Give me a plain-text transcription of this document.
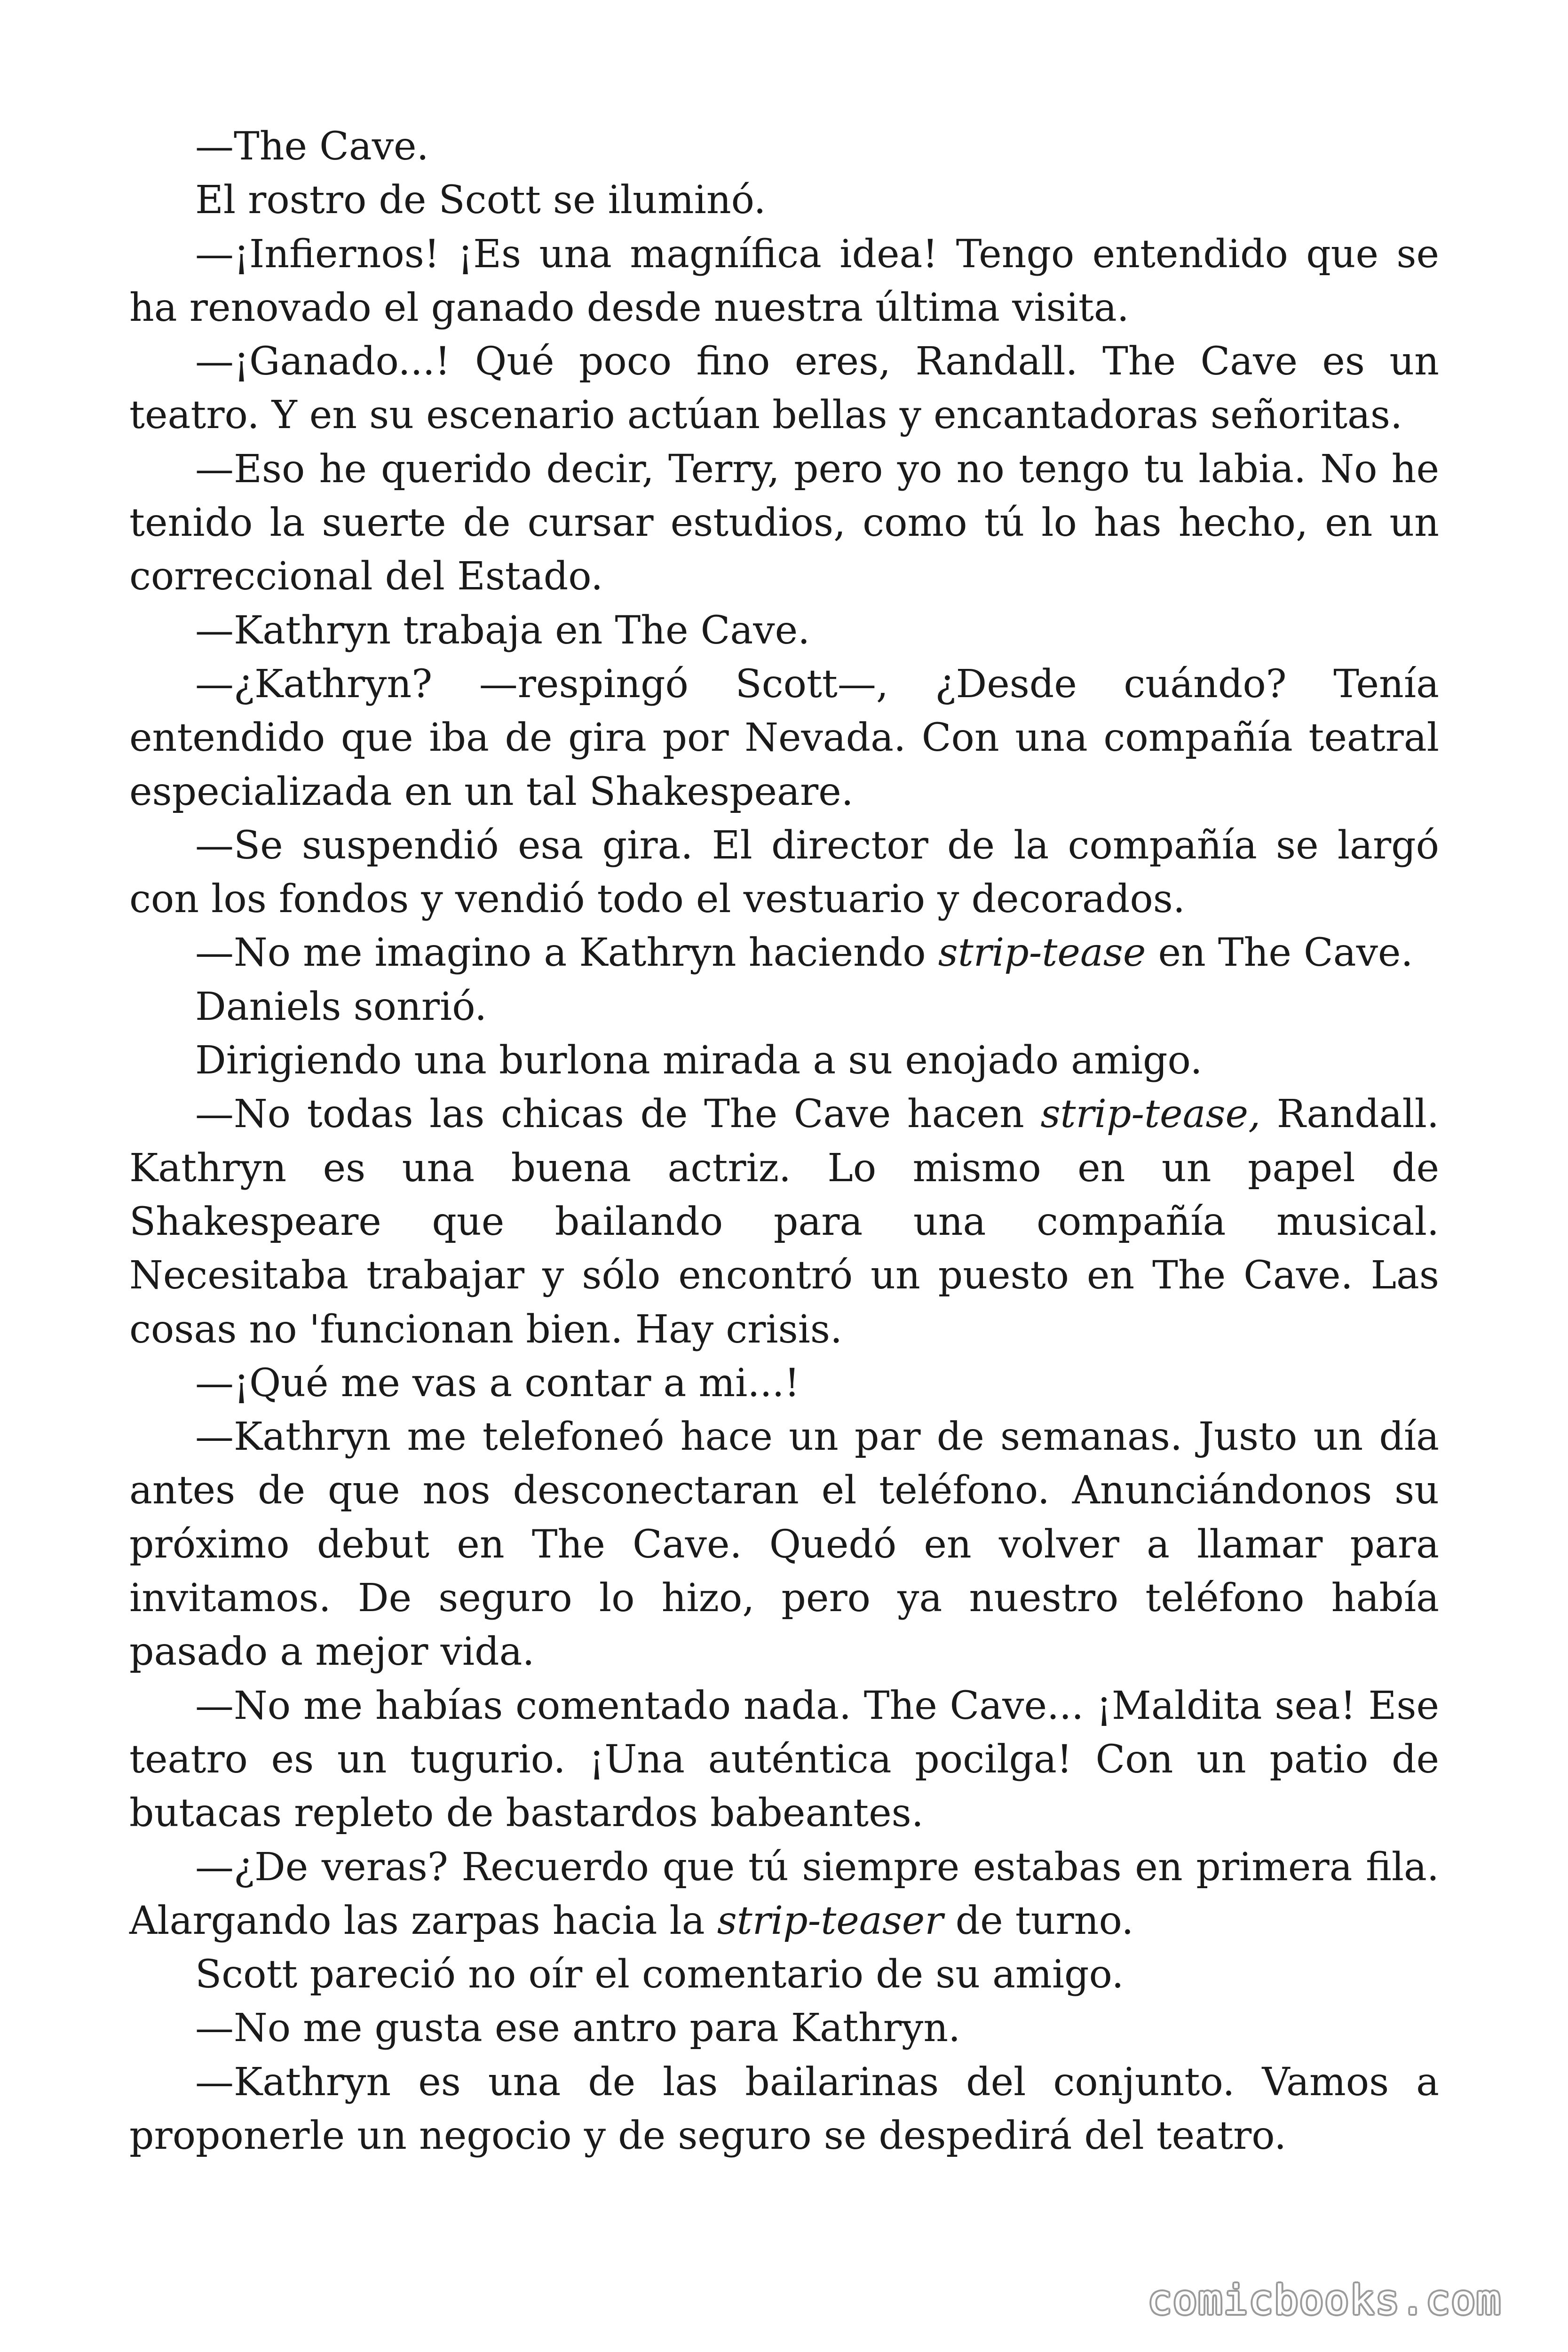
—The Cave.

El rostro de Scott se iluminó.

—¡Infiernos! ¡Es una magnífica idea! Tengo entendido que se ha renovado el ganado desde nuestra última visita.

—¡Ganado...! Qué poco fino eres, Randall. The Cave es un teatro. Y en su escenario actúan bellas y encantadoras señoritas.

—Eso he querido decir, Terry, pero yo no tengo tu labia. No he tenido la suerte de cursar estudios, como tú lo has hecho, en un correccional del Estado.

—Kathryn trabaja en The Cave.

—¿Kathryn? —respingó Scott—, ¿Desde cuándo? Tenía entendido que iba de gira por Nevada. Con una compañía teatral especializada en un tal Shakespeare.

—Se suspendió esa gira. El director de la compañía se largó con los fondos y vendió todo el vestuario y decorados.

—No me imagino a Kathryn haciendo strip-tease en The Cave.

Daniels sonrió.

Dirigiendo una burlona mirada a su enojado amigo.

—No todas las chicas de The Cave hacen strip-tease, Randall. Kathryn es una buena actriz. Lo mismo en un papel de Shakespeare que bailando para una compañía musical. Necesitaba trabajar y sólo encontró un puesto en The Cave. Las cosas no 'funcionan bien. Hay crisis.

—¡Qué me vas a contar a mi...!

—Kathryn me telefoneó hace un par de semanas. Justo un día antes de que nos desconectaran el teléfono. Anunciándonos su próximo debut en The Cave. Quedó en volver a llamar para invitamos. De seguro lo hizo, pero ya nuestro teléfono había pasado a mejor vida.

—No me habías comentado nada. The Cave... ¡Maldita sea! Ese teatro es un tugurio. ¡Una auténtica pocilga! Con un patio de butacas repleto de bastardos babeantes.

—¿De veras? Recuerdo que tú siempre estabas en primera fila. Alargando las zarpas hacia la strip-teaser de turno.

Scott pareció no oír el comentario de su amigo.

—No me gusta ese antro para Kathryn.

—Kathryn es una de las bailarinas del conjunto. Vamos a proponerle un negocio y de seguro se despedirá del teatro.

comicbooks.com
